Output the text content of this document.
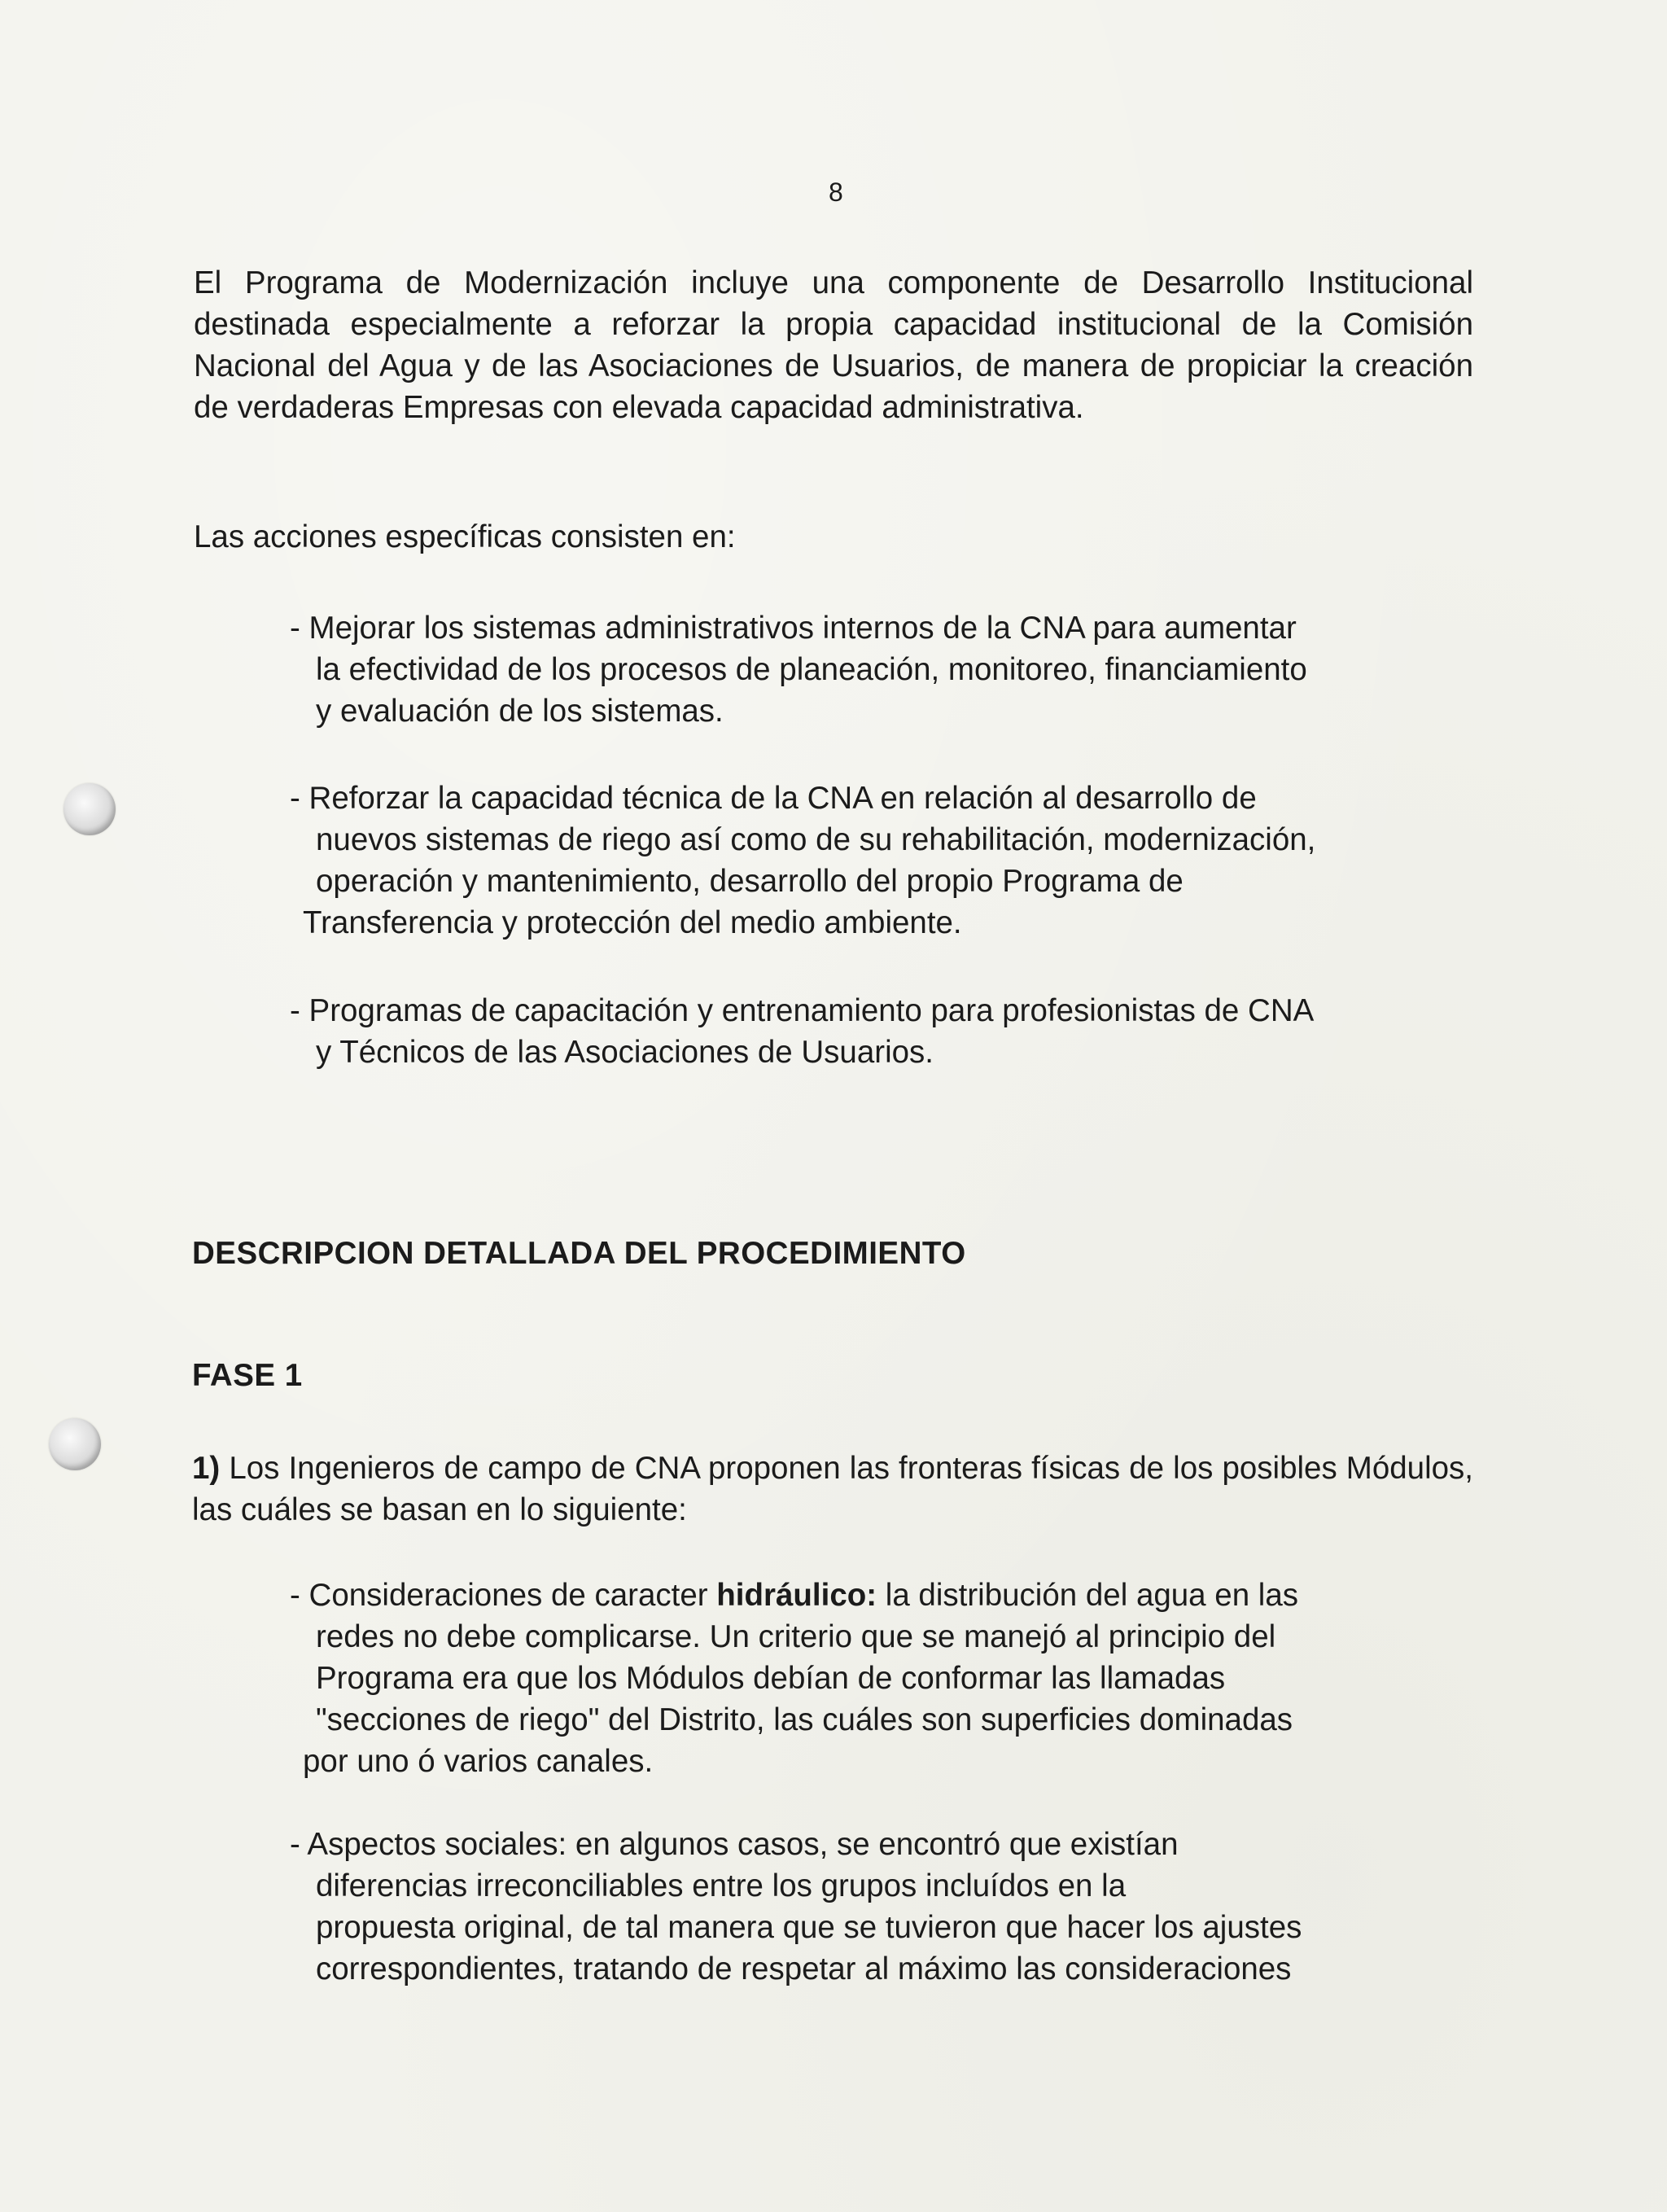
8
El Programa de Modernización incluye una componente de Desarrollo Institucional destinada especialmente a reforzar la propia capacidad institucional de la Comisión Nacional del Agua y de las Asociaciones de Usuarios, de manera de propiciar la creación de verdaderas Empresas con elevada capacidad administrativa.
Las acciones específicas consisten en:
- Mejorar los sistemas administrativos internos de la CNA para aumentar
la efectividad de los procesos de planeación, monitoreo, financiamiento
y evaluación de los sistemas.
- Reforzar la capacidad técnica de la CNA en relación al desarrollo de
nuevos sistemas de riego así como de su rehabilitación, modernización,
operación y mantenimiento, desarrollo del propio Programa de
Transferencia y protección del medio ambiente.
- Programas de capacitación y entrenamiento para profesionistas de CNA
y Técnicos de las Asociaciones de Usuarios.
DESCRIPCION DETALLADA DEL PROCEDIMIENTO
FASE 1
1) Los Ingenieros de campo de CNA proponen las fronteras físicas de los posibles Módulos, las cuáles se basan en lo siguiente:
- Consideraciones de caracter hidráulico: la distribución del agua en las
redes no debe complicarse. Un criterio que se manejó al principio del
Programa era que los Módulos debían de conformar las llamadas
"secciones de riego" del Distrito, las cuáles son superficies dominadas
por uno ó varios canales.
- Aspectos sociales: en algunos casos, se encontró que existían
diferencias irreconciliables entre los grupos incluídos en la
propuesta original, de tal manera que se tuvieron que hacer los ajustes
correspondientes, tratando de respetar al máximo las consideraciones
